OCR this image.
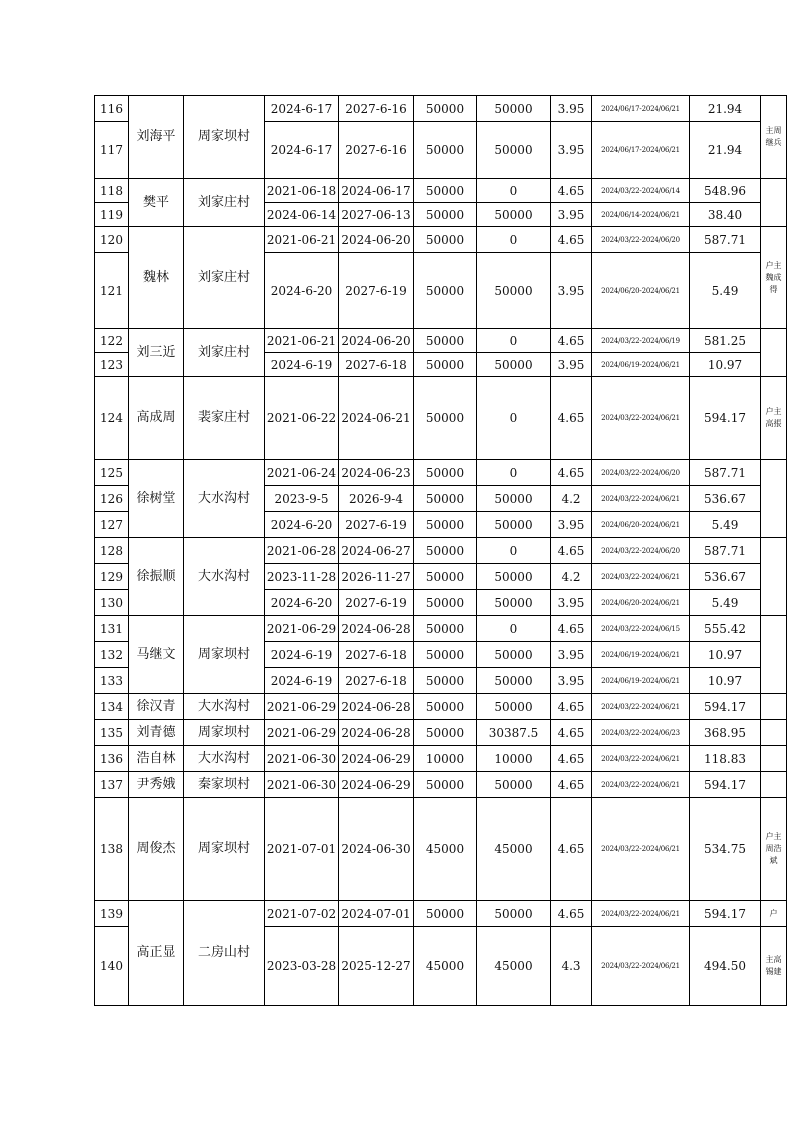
116	刘海平	周家坝村	2024-6-17	2027-6-16	50000	50000	3.95	2024/06/17-2024/06/21	21.94	主周继兵
117			2024-6-17	2027-6-16	50000	50000	3.95	2024/06/17-2024/06/21	21.94	
118	樊平	刘家庄村	2021-06-18	2024-06-17	50000	0	4.65	2024/03/22-2024/06/14	548.96	
119			2024-06-14	2027-06-13	50000	50000	3.95	2024/06/14-2024/06/21	38.40	
120	魏林	刘家庄村	2021-06-21	2024-06-20	50000	0	4.65	2024/03/22-2024/06/20	587.71	户主魏成得
121			2024-6-20	2027-6-19	50000	50000	3.95	2024/06/20-2024/06/21	5.49	
122	刘三近	刘家庄村	2021-06-21	2024-06-20	50000	0	4.65	2024/03/22-2024/06/19	581.25	
123			2024-6-19	2027-6-18	50000	50000	3.95	2024/06/19-2024/06/21	10.97	
124	高成周	裴家庄村	2021-06-22	2024-06-21	50000	0	4.65	2024/03/22-2024/06/21	594.17	户主高掁
125	徐树堂	大水沟村	2021-06-24	2024-06-23	50000	0	4.65	2024/03/22-2024/06/20	587.71	
126			2023-9-5	2026-9-4	50000	50000	4.2	2024/03/22-2024/06/21	536.67	
127			2024-6-20	2027-6-19	50000	50000	3.95	2024/06/20-2024/06/21	5.49	
128	徐振顺	大水沟村	2021-06-28	2024-06-27	50000	0	4.65	2024/03/22-2024/06/20	587.71	
129			2023-11-28	2026-11-27	50000	50000	4.2	2024/03/22-2024/06/21	536.67	
130			2024-6-20	2027-6-19	50000	50000	3.95	2024/06/20-2024/06/21	5.49	
131	马继文	周家坝村	2021-06-29	2024-06-28	50000	0	4.65	2024/03/22-2024/06/15	555.42	
132			2024-6-19	2027-6-18	50000	50000	3.95	2024/06/19-2024/06/21	10.97	
133			2024-6-19	2027-6-18	50000	50000	3.95	2024/06/19-2024/06/21	10.97	
134	徐汉青	大水沟村	2021-06-29	2024-06-28	50000	50000	4.65	2024/03/22-2024/06/21	594.17	
135	刘青德	周家坝村	2021-06-29	2024-06-28	50000	30387.5	4.65	2024/03/22-2024/06/23	368.95	
136	浩自林	大水沟村	2021-06-30	2024-06-29	10000	10000	4.65	2024/03/22-2024/06/21	118.83	
137	尹秀娥	秦家坝村	2021-06-30	2024-06-29	50000	50000	4.65	2024/03/22-2024/06/21	594.17	
138	周俊杰	周家坝村	2021-07-01	2024-06-30	45000	45000	4.65	2024/03/22-2024/06/21	534.75	户主周浩斌
139	高正显	二房山村	2021-07-02	2024-07-01	50000	50000	4.65	2024/03/22-2024/06/21	594.17	户
140			2023-03-28	2025-12-27	45000	45000	4.3	2024/03/22-2024/06/21	494.50	主高锡建
